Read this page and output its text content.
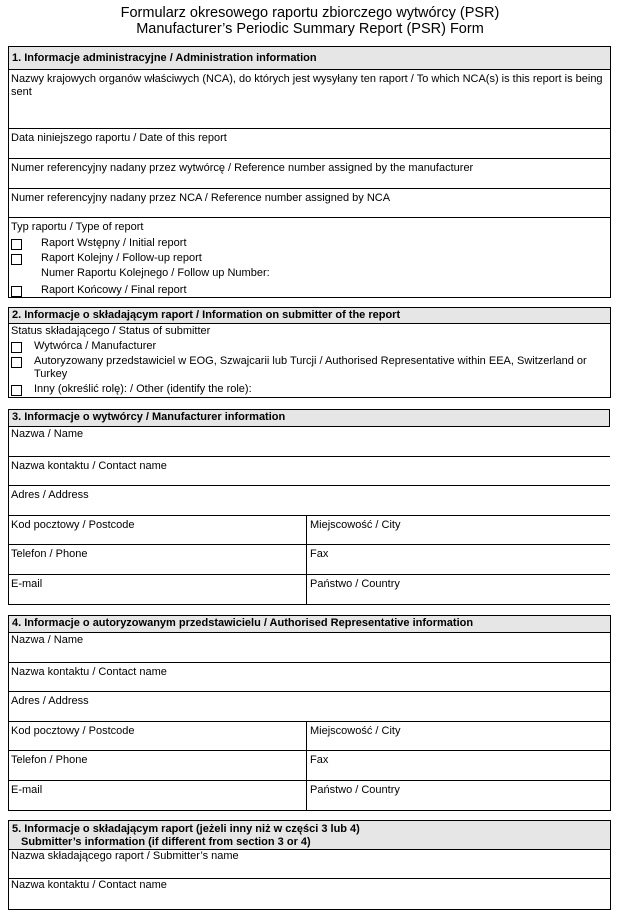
Formularz okresowego raportu zbiorczego wytwórcy (PSR)
Manufacturer’s Periodic Summary Report (PSR) Form
1. Informacje administracyjne / Administration information
Nazwy krajowych organów właściwych (NCA), do których jest wysyłany ten raport / To which NCA(s) is this report is being sent
Data niniejszego raportu / Date of this report
Numer referencyjny nadany przez wytwórcę / Reference number assigned by the manufacturer
Numer referencyjny nadany przez NCA / Reference number assigned by NCA
Typ raportu / Type of report
Raport Wstępny / Initial report
Raport Kolejny / Follow-up report
Numer Raportu Kolejnego / Follow up Number:
Raport Końcowy / Final report
2. Informacje o składającym raport / Information on submitter of the report
Status składającego / Status of submitter
Wytwórca / Manufacturer
Autoryzowany przedstawiciel w EOG, Szwajcarii lub Turcji / Authorised Representative within EEA, Switzerland or Turkey
Inny (określić rolę): / Other (identify the role):
3. Informacje o wytwórcy / Manufacturer information
Nazwa / Name
Nazwa kontaktu / Contact name
Adres / Address
Kod pocztowy / Postcode	Miejscowość / City
Telefon / Phone	Fax
E-mail	Państwo / Country
4. Informacje o autoryzowanym przedstawicielu / Authorised Representative information
Nazwa / Name
Nazwa kontaktu / Contact name
Adres / Address
Kod pocztowy / Postcode	Miejscowość / City
Telefon / Phone	Fax
E-mail	Państwo / Country
5. Informacje o składającym raport (jeżeli inny niż w części 3 lub 4)
Submitter’s information (if different from section 3 or 4)
Nazwa składającego raport / Submitter’s name
Nazwa kontaktu / Contact name
